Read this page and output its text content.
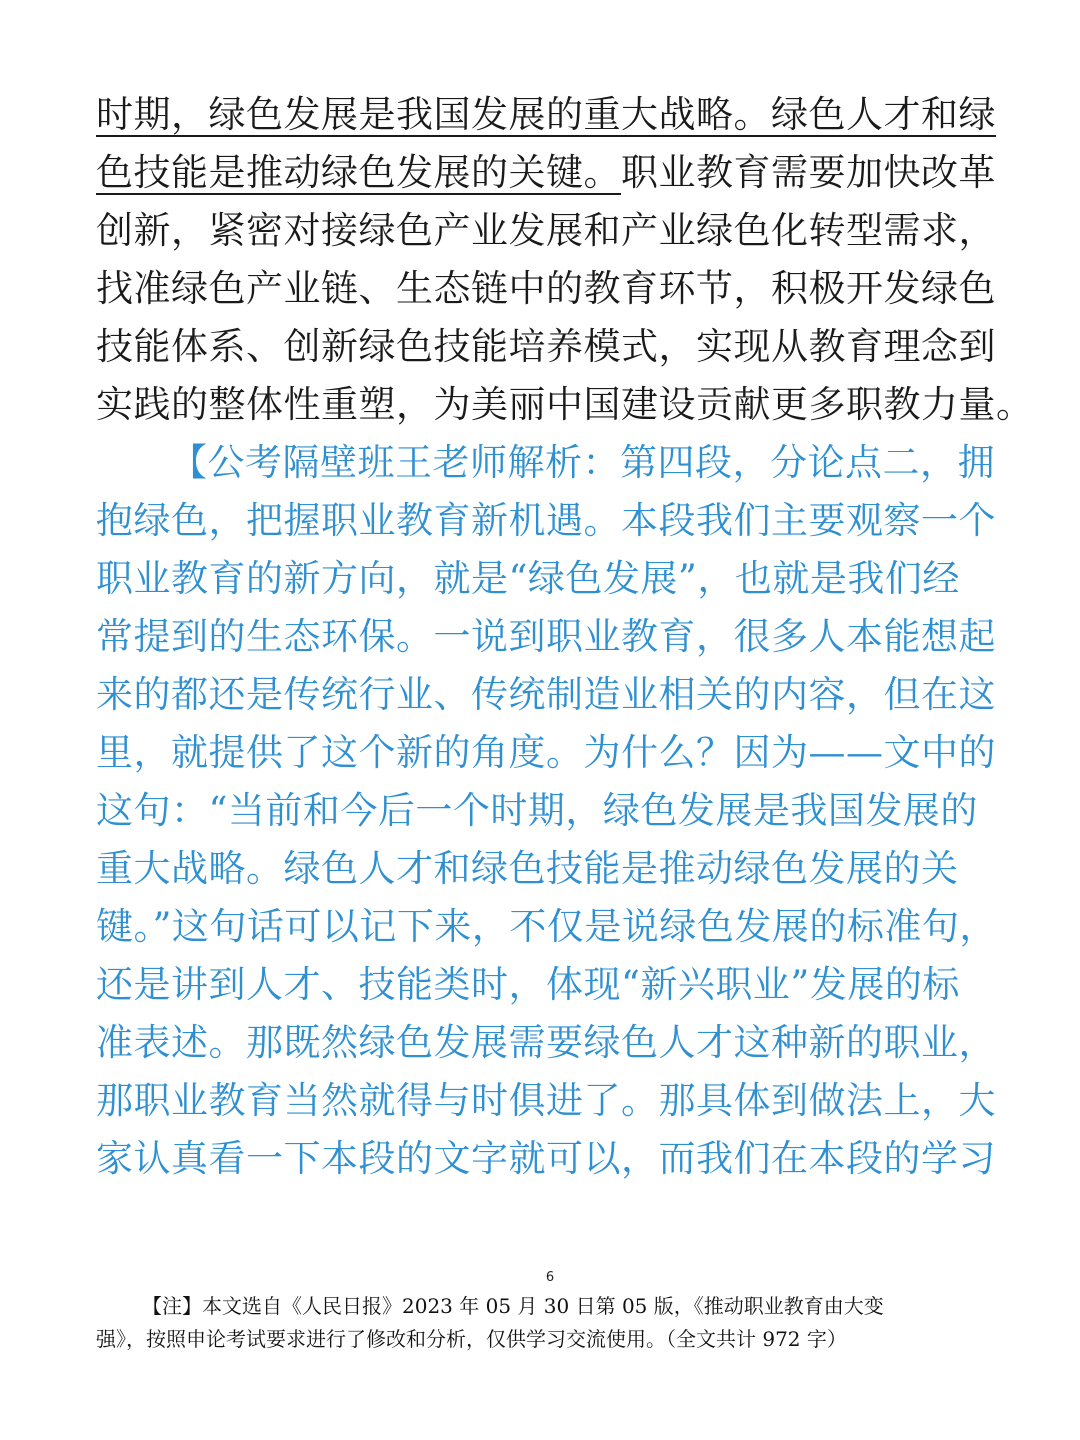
时期，绿色发展是我国发展的重大战略。绿色人才和绿
色技能是推动绿色发展的关键。职业教育需要加快改革
创新，紧密对接绿色产业发展和产业绿色化转型需求，
找准绿色产业链、生态链中的教育环节，积极开发绿色
技能体系、创新绿色技能培养模式，实现从教育理念到
实践的整体性重塑，为美丽中国建设贡献更多职教力量。
【公考隔壁班王老师解析：第四段，分论点二，拥
抱绿色，把握职业教育新机遇。本段我们主要观察一个
职业教育的新方向，就是“绿色发展”，也就是我们经
常提到的生态环保。一说到职业教育，很多人本能想起
来的都还是传统行业、传统制造业相关的内容，但在这
里，就提供了这个新的角度。为什么？因为——文中的
这句：“当前和今后一个时期，绿色发展是我国发展的
重大战略。绿色人才和绿色技能是推动绿色发展的关
键。”这句话可以记下来，不仅是说绿色发展的标准句，
还是讲到人才、技能类时，体现“新兴职业”发展的标
准表述。那既然绿色发展需要绿色人才这种新的职业，
那职业教育当然就得与时俱进了。那具体到做法上，大
家认真看一下本段的文字就可以，而我们在本段的学习
6
【注】本文选自《人民日报》2023 年 05 月 30 日第 05 版，《推动职业教育由大变
强》，按照申论考试要求进行了修改和分析，仅供学习交流使用。（全文共计 972 字）
